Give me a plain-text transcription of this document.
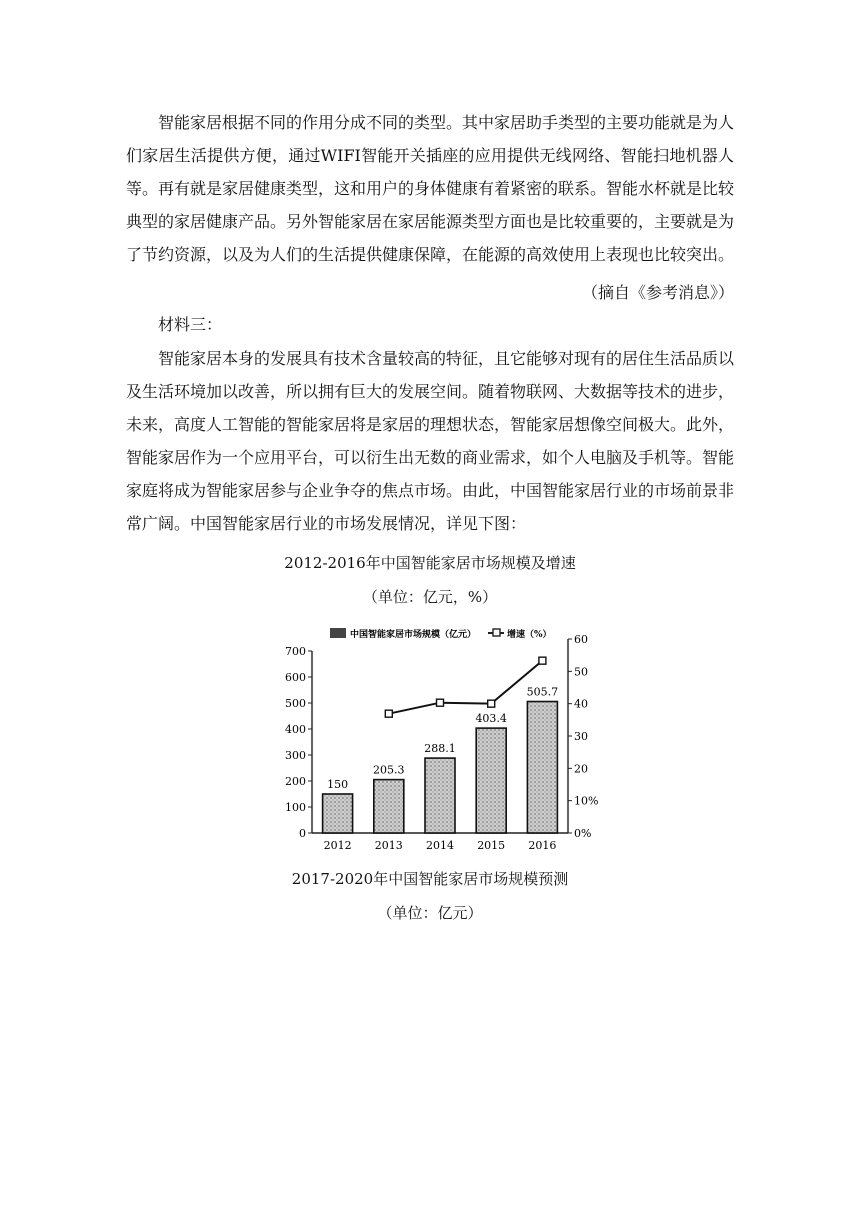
智能家居根据不同的作用分成不同的类型。其中家居助手类型的主要功能就是为人们家居生活提供方便，通过WIFI智能开关插座的应用提供无线网络、智能扫地机器人等。再有就是家居健康类型，这和用户的身体健康有着紧密的联系。智能水杯就是比较典型的家居健康产品。另外智能家居在家居能源类型方面也是比较重要的，主要就是为了节约资源，以及为人们的生活提供健康保障，在能源的高效使用上表现也比较突出。

（摘自《参考消息》）

材料三：

智能家居本身的发展具有技术含量较高的特征，且它能够对现有的居住生活品质以及生活环境加以改善，所以拥有巨大的发展空间。随着物联网、大数据等技术的进步，未来，高度人工智能的智能家居将是家居的理想状态，智能家居想像空间极大。此外，智能家居作为一个应用平台，可以衍生出无数的商业需求，如个人电脑及手机等。智能家庭将成为智能家居参与企业争夺的焦点市场。由此，中国智能家居行业的市场前景非常广阔。中国智能家居行业的市场发展情况，详见下图：

2012-2016年中国智能家居市场规模及增速

（单位：亿元，%）

中国智能家居市场规模（亿元）	增速（%）
0
100
200
300
400
500
600
700
0%
10%
20
30
40
50
60
150
205.3
288.1
403.4
505.7
2012 2013 2014 2015 2016

2017-2020年中国智能家居市场规模预测

（单位：亿元）
